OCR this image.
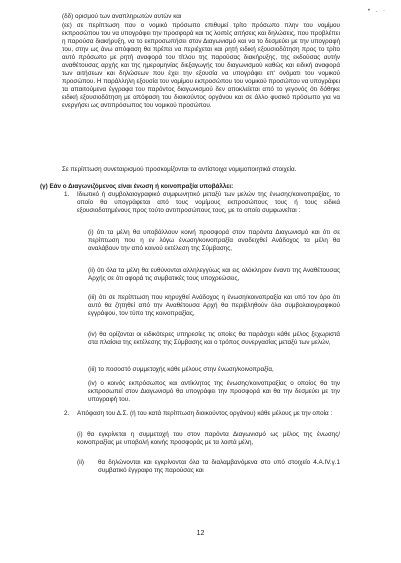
• . ·
(δδ) ορισμού των αναπληρωτών αυτών και
(εε) σε περίπτωση που ο νομικό πρόσωπο επιθυμεί τρίτο πρόσωπο πλην του νομίμου εκπροσώπου του να υπογράφει την προσφορά και τις λοιπές αιτήσεις και δηλώσεις, που προβλέπει η παρούσα διακήρυξη, να το εκπροσωπήσει στον Διαγωνισμό και να το δεσμεύει με την υπογραφή του, στην ως άνω απόφαση θα πρέπει να περιέχεται και ρητή ειδική εξουσιοδότηση προς το τρίτο αυτό πρόσωπο με ρητή αναφορά του τίτλου της παρούσας διακήρυξης, της εκδούσας αυτήν αναθέτουσας αρχής και της ημερομηνίας διεξαγωγής του διαγωνισμού καθώς και ειδική αναφορά των αιτήσεων και δηλώσεων που έχει την εξουσία να υπογράφει επ' ονόματι του νομικού προσώπου. Η παράλληλη εξουσία του νομίμου εκπροσώπου του νομικού προσώπου να υπογράφει τα απαιτούμενα έγγραφα του παρόντος διαγωνισμού δεν αποκλείεται από το γεγονός ότι δόθηκε ειδική εξουσιοδότηση με απόφαση του διοικούντος οργάνου και σε άλλο φυσικό πρόσωπο για να ενεργήσει ως αντιπρόσωπος του νομικού προσώπου.
Σε περίπτωση συνεταιρισμού προσκομίζονται τα αντίστοιχα νομιμοποιητικά στοιχεία.
(γ) Εάν ο Διαγωνιζόμενος είναι ένωση ή κοινοπραξία υποβάλλει:
1.	Ιδιωτικό ή συμβολαιογραφικό συμφωνητικό μεταξύ των μελών της ένωσης/κοινοπραξίας, το οποίο θα υπογράφεται από τους νομίμους εκπροσώπους τους ή τους ειδικά εξουσιοδοτημένους προς τούτο αντιπροσώπους τους, με το οποίο συμφωνείται :
(i) ότι τα μέλη θα υποβάλλουν κοινή προσφορά στον παρόντα Διαγωνισμό και ότι σε περίπτωση που η εν λόγω ένωση/κοινοπραξία αναδειχθεί Ανάδοχος τα μέλη θα αναλάβουν την από κοινού εκτέλεση της Σύμβασης,
(ii) ότι όλα τα μέλη θα ευθύνονται αλληλεγγύως και εις ολόκληρον έναντι της Αναθέτουσας Αρχής σε ότι αφορά τις συμβατικές τους υποχρεώσεις,
(iii) ότι σε περίπτωση που κηρυχθεί Ανάδοχος η ένωση/κοινοπραξία και υπό τον όρο ότι αυτό θα ζητηθεί από την Αναθέτουσα Αρχή θα περιβληθούν όλα συμβολαιογραφικού εγγράφου, τον τύπο της κοινοπραξίας,
(iv) θα ορίζονται οι ειδικότερες υπηρεσίες τις οποίες θα παράσχει κάθε μέλος ξεχωριστά στα πλαίσια της εκτέλεσης της Σύμβασης και ο τρόπος συνεργασίας μεταξύ των μελών,
(iii) το ποσοστό συμμετοχής κάθε μέλους στην ένωση/κοινοπραξία,
(iv) ο κοινός εκπρόσωπος και αντίκλητος της ένωσης/κοινοπραξίας ο οποίος θα την εκπροσωπεί στον Διαγωνισμό θα υπογράφει την προσφορά και θα την δεσμεύει με την υπογραφή του.
2.	Απόφαση του Δ.Σ. (ή του κατά περίπτωση διοικούντος οργάνου) κάθε μέλους με την οποία :
(i) θα εγκρίνεται η συμμετοχή του στον παρόντα Διαγωνισμό ως μέλος της ένωσης/κοινοπραξίας με υποβολή κοινής προσφοράς με τα λοιπά μέλη,
(ii)	θα δηλώνονται και εγκρίνονται όλα τα διαλαμβανόμενα στο υπό στοιχείο 4.Α.IV.γ.1 συμβατικό έγγραφο της παρούσας και
12
